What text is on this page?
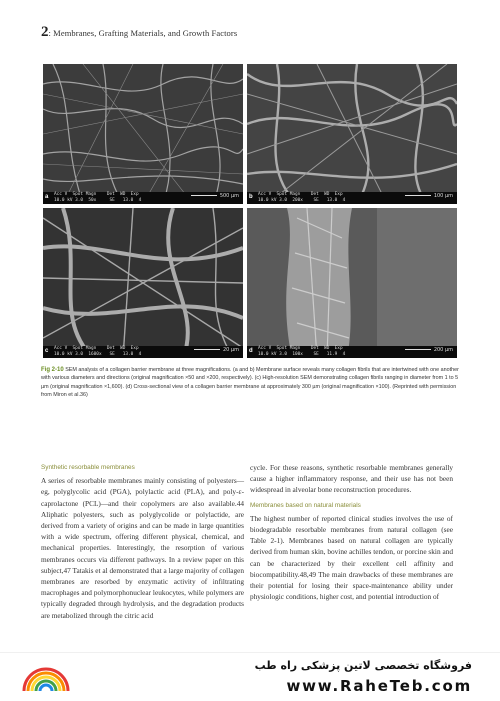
2: Membranes, Grafting Materials, and Growth Factors
a	Acc V  Spot Magn    Det  WD  Exp
10.0 kV 3.0  50x     SE   13.0  4
500 µm b	Acc V  Spot Magn    Det  WD  Exp
10.0 kV 3.0  200x    SE   13.0  4
100 µm
c	Acc V  Spot Magn    Det  WD  Exp
10.0 kV 3.0  1600x   SE   13.0  4
20 µm d	Acc V  Spot Magn    Det  WD  Exp
10.0 kV 3.0  100x    SE   11.9  4
200 µm
Fig 2-10 SEM analysis of a collagen barrier membrane at three magnifications. (a and b) Membrane surface reveals many collagen fibrils that are intertwined with one another with various diameters and directions (original magnification ×50 and ×200, respectively). (c) High-resolution SEM demonstrating collagen fibrils ranging in diameter from 1 to 5 µm (original magnification ×1,600). (d) Cross-sectional view of a collagen barrier membrane at approximately 300 µm (original magnification ×100). (Reprinted with permission from Miron et al.36)
Synthetic resorbable membranes

A series of resorbable membranes mainly consisting of polyesters—eg, polyglycolic acid (PGA), polylactic acid (PLA), and poly-ε-caprolactone (PCL)—and their copolymers are also available.44 Aliphatic polyesters, such as polyglycolide or polylactide, are derived from a variety of origins and can be made in large quantities with a wide spectrum, offering different physical, chemical, and mechanical properties. Interestingly, the resorption of various membranes occurs via different pathways. In a review paper on this subject,47 Tatakis et al demonstrated that a large majority of collagen membranes are resorbed by enzymatic activity of infiltrating macrophages and polymorphonuclear leukocytes, while polymers are typically degraded through hydrolysis, and the degradation products are metabolized through the citric acid

cycle. For these reasons, synthetic resorbable membranes generally cause a higher inflammatory response, and their use has not been widespread in alveolar bone reconstruction procedures.

Membranes based on natural materials

The highest number of reported clinical studies involves the use of biodegradable resorbable membranes from natural collagen (see Table 2-1). Membranes based on natural collagen are typically derived from human skin, bovine achilles tendon, or porcine skin and can be characterized by their excellent cell affinity and biocompatibility.48,49 The main drawbacks of these membranes are their potential for losing their space-maintenance ability under physiologic conditions, higher cost, and potential introduction of

فروشگاه تخصصی لاتین پزشکی راه طب
www.RaheTeb.com
